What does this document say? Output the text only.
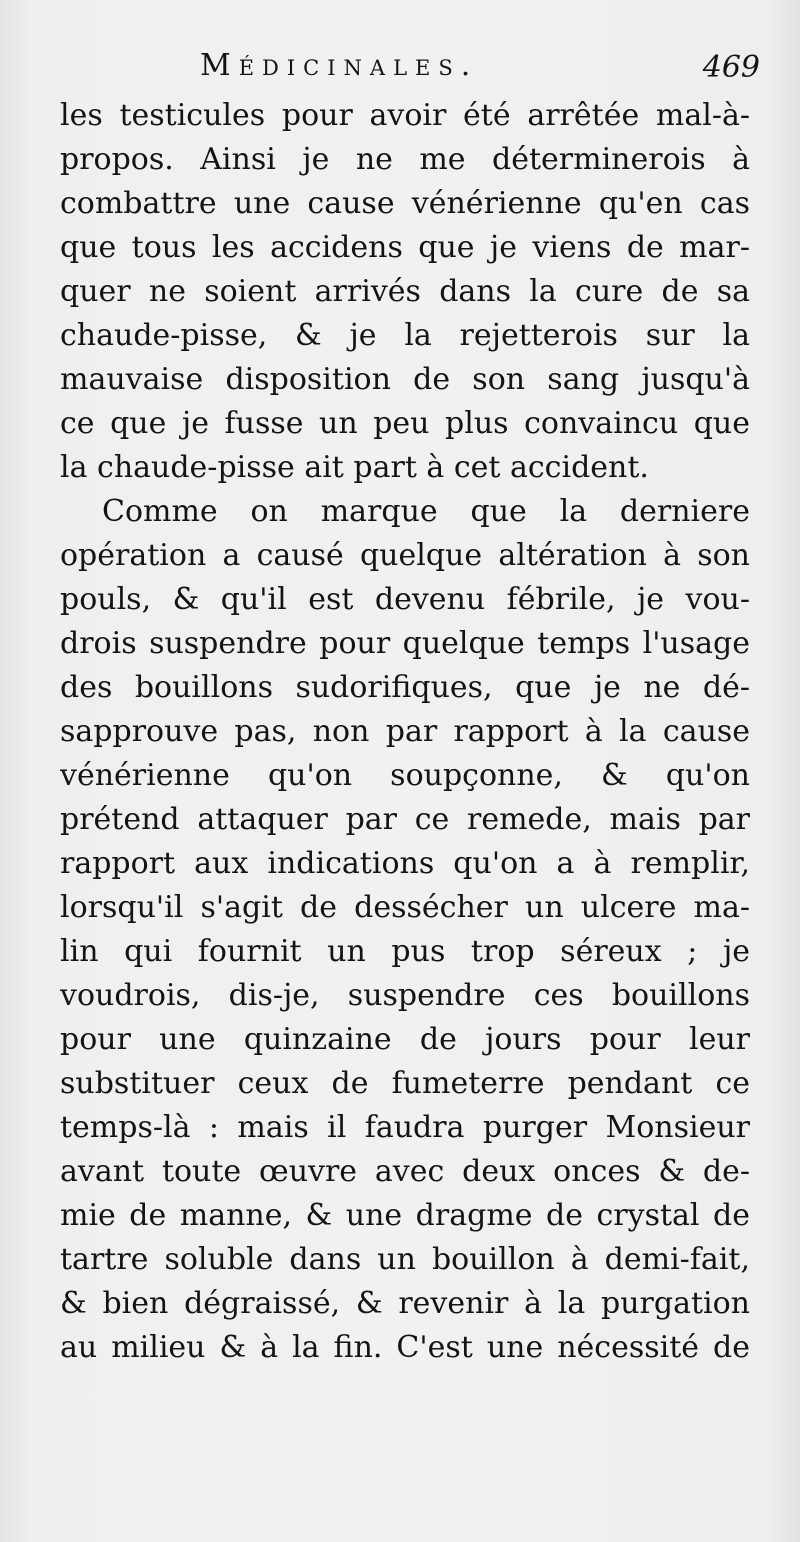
Médicinales.	469
les testicules pour avoir été arrêtée mal-à-
propos. Ainsi je ne me déterminerois à
combattre une cause vénérienne qu'en cas
que tous les accidens que je viens de mar-
quer ne soient arrivés dans la cure de sa
chaude-pisse, & je la rejetterois sur la
mauvaise disposition de son sang jusqu'à
ce que je fusse un peu plus convaincu que
la chaude-pisse ait part à cet accident.
Comme on marque que la derniere
opération a causé quelque altération à son
pouls, & qu'il est devenu fébrile, je vou-
drois suspendre pour quelque temps l'usage
des bouillons sudorifiques, que je ne dé-
sapprouve pas, non par rapport à la cause
vénérienne qu'on soupçonne, & qu'on
prétend attaquer par ce remede, mais par
rapport aux indications qu'on a à remplir,
lorsqu'il s'agit de dessécher un ulcere ma-
lin qui fournit un pus trop séreux ; je
voudrois, dis-je, suspendre ces bouillons
pour une quinzaine de jours pour leur
substituer ceux de fumeterre pendant ce
temps-là : mais il faudra purger Monsieur
avant toute œuvre avec deux onces & de-
mie de manne, & une dragme de crystal de
tartre soluble dans un bouillon à demi-fait,
& bien dégraissé, & revenir à la purgation
au milieu & à la fin. C'est une nécessité de
